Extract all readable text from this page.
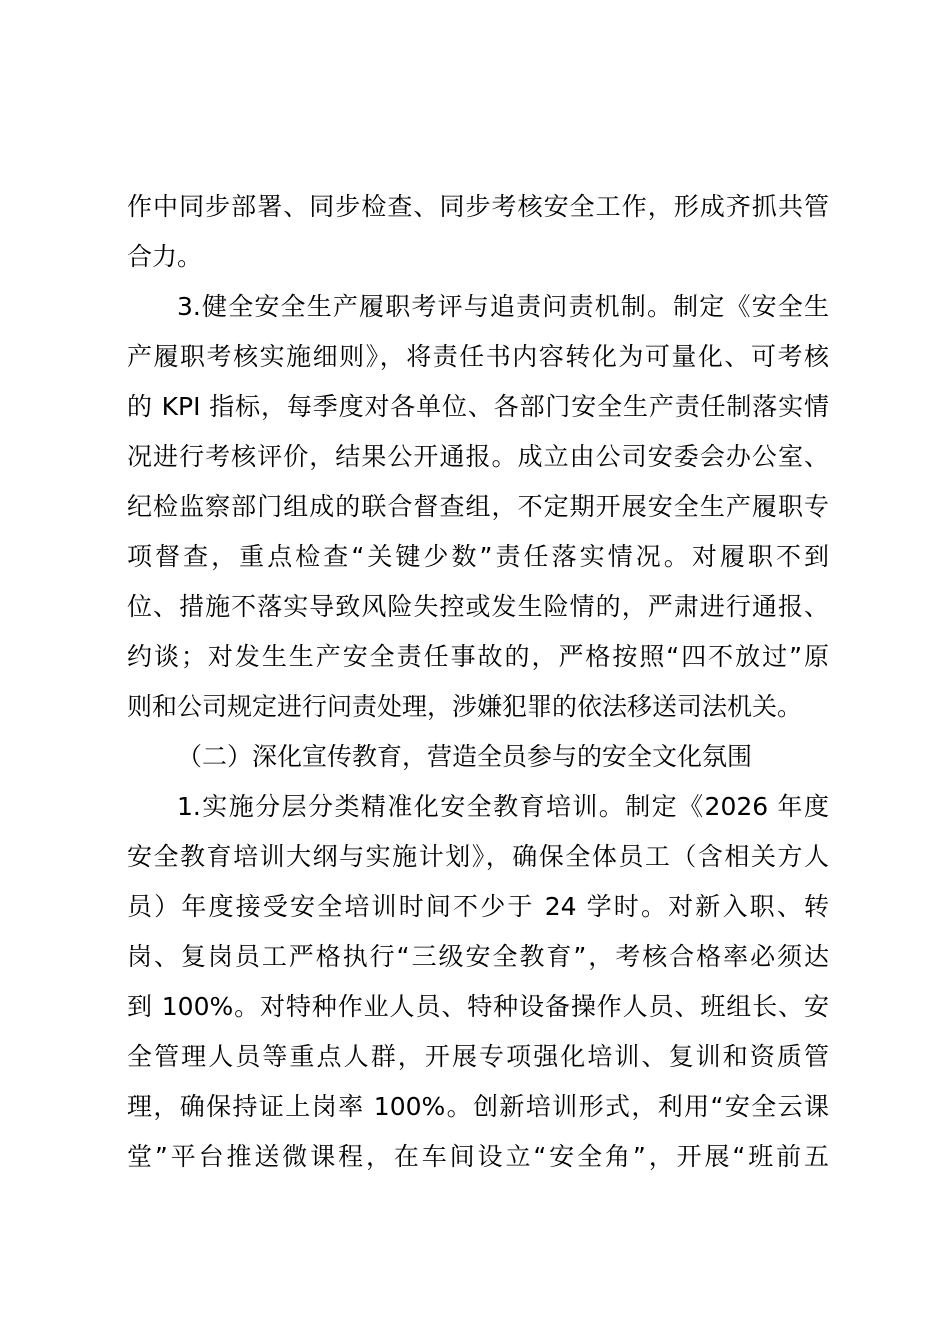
作中同步部署、同步检查、同步考核安全工作，形成齐抓共管
合力。
3.健全安全生产履职考评与追责问责机制。制定《安全生
产履职考核实施细则》，将责任书内容转化为可量化、可考核
的 KPI 指标，每季度对各单位、各部门安全生产责任制落实情
况进行考核评价，结果公开通报。成立由公司安委会办公室、
纪检监察部门组成的联合督查组，不定期开展安全生产履职专
项督查，重点检查“关键少数”责任落实情况。对履职不到
位、措施不落实导致风险失控或发生险情的，严肃进行通报、
约谈；对发生生产安全责任事故的，严格按照“四不放过”原
则和公司规定进行问责处理，涉嫌犯罪的依法移送司法机关。
（二）深化宣传教育，营造全员参与的安全文化氛围
1.实施分层分类精准化安全教育培训。制定《2026 年度
安全教育培训大纲与实施计划》，确保全体员工（含相关方人
员）年度接受安全培训时间不少于 24 学时。对新入职、转
岗、复岗员工严格执行“三级安全教育”，考核合格率必须达
到 100%。对特种作业人员、特种设备操作人员、班组长、安
全管理人员等重点人群，开展专项强化培训、复训和资质管
理，确保持证上岗率 100%。创新培训形式，利用“安全云课
堂”平台推送微课程，在车间设立“安全角”，开展“班前五
